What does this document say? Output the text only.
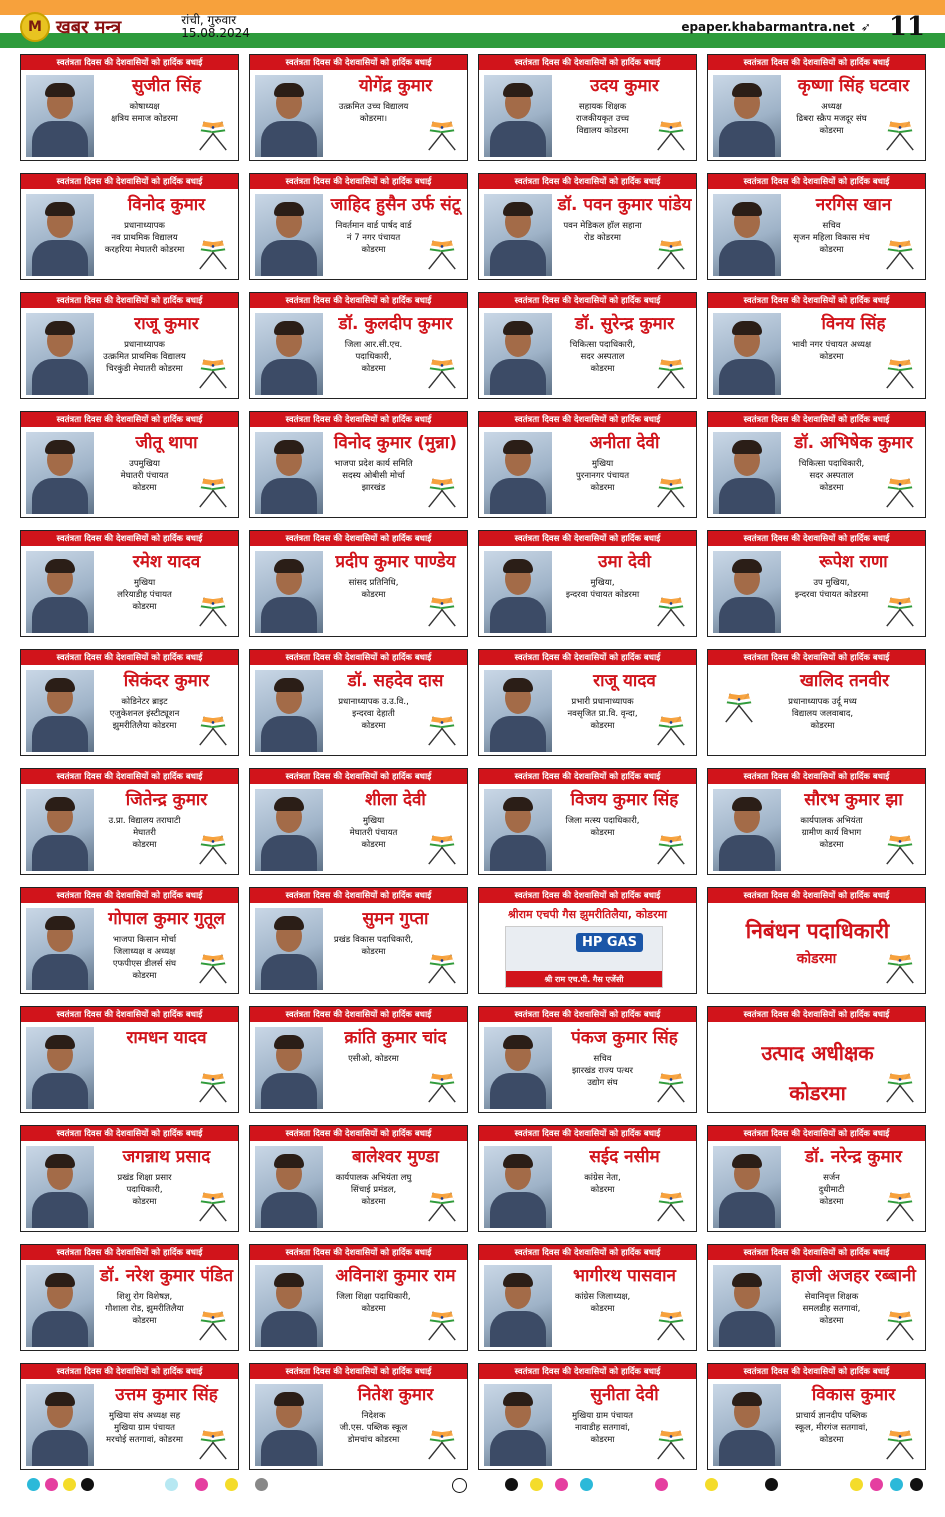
M खबर मन्त्र	रांची, गुरुवार
15.08.2024	epaper.khabarmantra.net ➶ 11
स्वतंत्रता दिवस की देशवासियों को हार्दिक बधाई
सुजीत सिंह
कोषाध्यक्ष
क्षत्रिय समाज कोडरमा
स्वतंत्रता दिवस की देशवासियों को हार्दिक बधाई
योगेंद्र कुमार
उत्क्रमित उच्च विद्यालय
कोडरमा।
स्वतंत्रता दिवस की देशवासियों को हार्दिक बधाई
उदय कुमार
सहायक शिक्षक
राजकीयकृत उच्च
विद्यालय कोडरमा
स्वतंत्रता दिवस की देशवासियों को हार्दिक बधाई
कृष्णा सिंह घटवार
अध्यक्ष
ढिबरा स्क्रैप मजदूर संघ
कोडरमा
स्वतंत्रता दिवस की देशवासियों को हार्दिक बधाई
विनोद कुमार
प्रधानाध्यापक
नव प्राथमिक विद्यालय
करहरिया मेघातरी कोडरमा
स्वतंत्रता दिवस की देशवासियों को हार्दिक बधाई
जाहिद हुसैन उर्फ संटू
निवर्तमान वार्ड पार्षद वार्ड
नं 7 नगर पंचायत
कोडरमा
स्वतंत्रता दिवस की देशवासियों को हार्दिक बधाई
डॉ. पवन कुमार पांडेय
पवन मेडिकल हॉल सहाना
रोड कोडरमा
स्वतंत्रता दिवस की देशवासियों को हार्दिक बधाई
नरगिस खान
सचिव
सृजन महिला विकास मंच
कोडरमा
स्वतंत्रता दिवस की देशवासियों को हार्दिक बधाई
राजू कुमार
प्रधानाध्यापक
उत्क्रमित प्राथमिक विद्यालय
चिरकुंडी मेघातरी कोडरमा
स्वतंत्रता दिवस की देशवासियों को हार्दिक बधाई
डॉ. कुलदीप कुमार
जिला आर.सी.एच.
पदाधिकारी,
कोडरमा
स्वतंत्रता दिवस की देशवासियों को हार्दिक बधाई
डॉ. सुरेन्द्र कुमार
चिकित्सा पदाधिकारी,
सदर अस्पताल
कोडरमा
स्वतंत्रता दिवस की देशवासियों को हार्दिक बधाई
विनय सिंह
भावी नगर पंचायत अध्यक्ष
कोडरमा
स्वतंत्रता दिवस की देशवासियों को हार्दिक बधाई
जीतू थापा
उपमुखिया
मेघातरी पंचायत
कोडरमा
स्वतंत्रता दिवस की देशवासियों को हार्दिक बधाई
विनोद कुमार (मुन्ना)
भाजपा प्रदेश कार्य समिति
सदस्य ओबीसी मोर्चा
झारखंड
स्वतंत्रता दिवस की देशवासियों को हार्दिक बधाई
अनीता देवी
मुखिया
पुरनानगर पंचायत
कोडरमा
स्वतंत्रता दिवस की देशवासियों को हार्दिक बधाई
डॉ. अभिषेक कुमार
चिकित्सा पदाधिकारी,
सदर अस्पताल
कोडरमा
स्वतंत्रता दिवस की देशवासियों को हार्दिक बधाई
रमेश यादव
मुखिया
लरियाडीह पंचायत
कोडरमा
स्वतंत्रता दिवस की देशवासियों को हार्दिक बधाई
प्रदीप कुमार पाण्डेय
सांसद प्रतिनिधि,
कोडरमा
स्वतंत्रता दिवस की देशवासियों को हार्दिक बधाई
उमा देवी
मुखिया,
इन्दरवा पंचायत कोडरमा
स्वतंत्रता दिवस की देशवासियों को हार्दिक बधाई
रूपेश राणा
उप मुखिया,
इन्दरवा पंचायत कोडरमा
स्वतंत्रता दिवस की देशवासियों को हार्दिक बधाई
सिकंदर कुमार
कोडिनेटर ब्राइट
एजुकेशनल इंस्टीट्यूशन
झुमरीतिलैया कोडरमा
स्वतंत्रता दिवस की देशवासियों को हार्दिक बधाई
डॉ. सहदेव दास
प्रधानाध्यापक उ.उ.वि.,
इन्दरवा देहाती
कोडरमा
स्वतंत्रता दिवस की देशवासियों को हार्दिक बधाई
राजू यादव
प्रभारी प्रधानाध्यापक
नवसृजित प्रा.वि. वृन्दा,
कोडरमा
स्वतंत्रता दिवस की देशवासियों को हार्दिक बधाई
खालिद तनवीर
प्रधानाध्यापक उर्दू मध्य
विद्यालय जलवाबाद,
कोडरमा
स्वतंत्रता दिवस की देशवासियों को हार्दिक बधाई
जितेन्द्र कुमार
उ.प्रा. विद्यालय तराघाटी
मेघातरी
कोडरमा
स्वतंत्रता दिवस की देशवासियों को हार्दिक बधाई
शीला देवी
मुखिया
मेघातरी पंचायत
कोडरमा
स्वतंत्रता दिवस की देशवासियों को हार्दिक बधाई
विजय कुमार सिंह
जिला मत्स्य पदाधिकारी,
कोडरमा
स्वतंत्रता दिवस की देशवासियों को हार्दिक बधाई
सौरभ कुमार झा
कार्यपालक अभियंता
ग्रामीण कार्य विभाग
कोडरमा
स्वतंत्रता दिवस की देशवासियों को हार्दिक बधाई
गोपाल कुमार गुतूल
भाजपा किसान मोर्चा
जिलाध्यक्ष व अध्यक्ष
एफपीएस डीलर्स संघ
कोडरमा
स्वतंत्रता दिवस की देशवासियों को हार्दिक बधाई
सुमन गुप्ता
प्रखंड विकास पदाधिकारी,
कोडरमा
स्वतंत्रता दिवस की देशवासियों को हार्दिक बधाई
श्रीराम एचपी गैस झुमरीतिलैया, कोडरमा
HP GAS
श्री राम एच.पी. गैस एजेंसी
स्वतंत्रता दिवस की देशवासियों को हार्दिक बधाई
निबंधन पदाधिकारी
कोडरमा
स्वतंत्रता दिवस की देशवासियों को हार्दिक बधाई
रामधन यादव
स्वतंत्रता दिवस की देशवासियों को हार्दिक बधाई
क्रांति कुमार चांद
एसीओ, कोडरमा
स्वतंत्रता दिवस की देशवासियों को हार्दिक बधाई
पंकज कुमार सिंह
सचिव
झारखंड राज्य पत्थर
उद्योग संघ
स्वतंत्रता दिवस की देशवासियों को हार्दिक बधाई
उत्पाद अधीक्षक
कोडरमा
स्वतंत्रता दिवस की देशवासियों को हार्दिक बधाई
जगन्नाथ प्रसाद
प्रखंड शिक्षा प्रसार
पदाधिकारी,
कोडरमा
स्वतंत्रता दिवस की देशवासियों को हार्दिक बधाई
बालेश्वर मुण्डा
कार्यपालक अभियंता लघु
सिंचाई प्रमंडल,
कोडरमा
स्वतंत्रता दिवस की देशवासियों को हार्दिक बधाई
सईद नसीम
कांग्रेस नेता,
कोडरमा
स्वतंत्रता दिवस की देशवासियों को हार्दिक बधाई
डॉ. नरेन्द्र कुमार
सर्जन
दुधीमाटी
कोडरमा
स्वतंत्रता दिवस की देशवासियों को हार्दिक बधाई
डॉ. नरेश कुमार पंडित
शिशु रोग विशेषज्ञ,
गौशाला रोड, झुमरीतिलैया
कोडरमा
स्वतंत्रता दिवस की देशवासियों को हार्दिक बधाई
अविनाश कुमार राम
जिला शिक्षा पदाधिकारी,
कोडरमा
स्वतंत्रता दिवस की देशवासियों को हार्दिक बधाई
भागीरथ पासवान
कांग्रेस जिलाध्यक्ष,
कोडरमा
स्वतंत्रता दिवस की देशवासियों को हार्दिक बधाई
हाजी अजहर रब्बानी
सेवानिवृत्त शिक्षक
समलडीह सतगावां,
कोडरमा
स्वतंत्रता दिवस की देशवासियों को हार्दिक बधाई
उत्तम कुमार सिंह
मुखिया संघ अध्यक्ष सह
मुखिया ग्राम पंचायत
मरचोई सतगावां, कोडरमा
स्वतंत्रता दिवस की देशवासियों को हार्दिक बधाई
नितेश कुमार
निदेशक
जी.एस. पब्लिक स्कूल
डोमचांच कोडरमा
स्वतंत्रता दिवस की देशवासियों को हार्दिक बधाई
सुनीता देवी
मुखिया ग्राम पंचायत
नावाडीह सतगावां,
कोडरमा
स्वतंत्रता दिवस की देशवासियों को हार्दिक बधाई
विकास कुमार
प्राचार्य ज्ञानदीप पब्लिक
स्कूल, मीरगंज सतगावां,
कोडरमा
